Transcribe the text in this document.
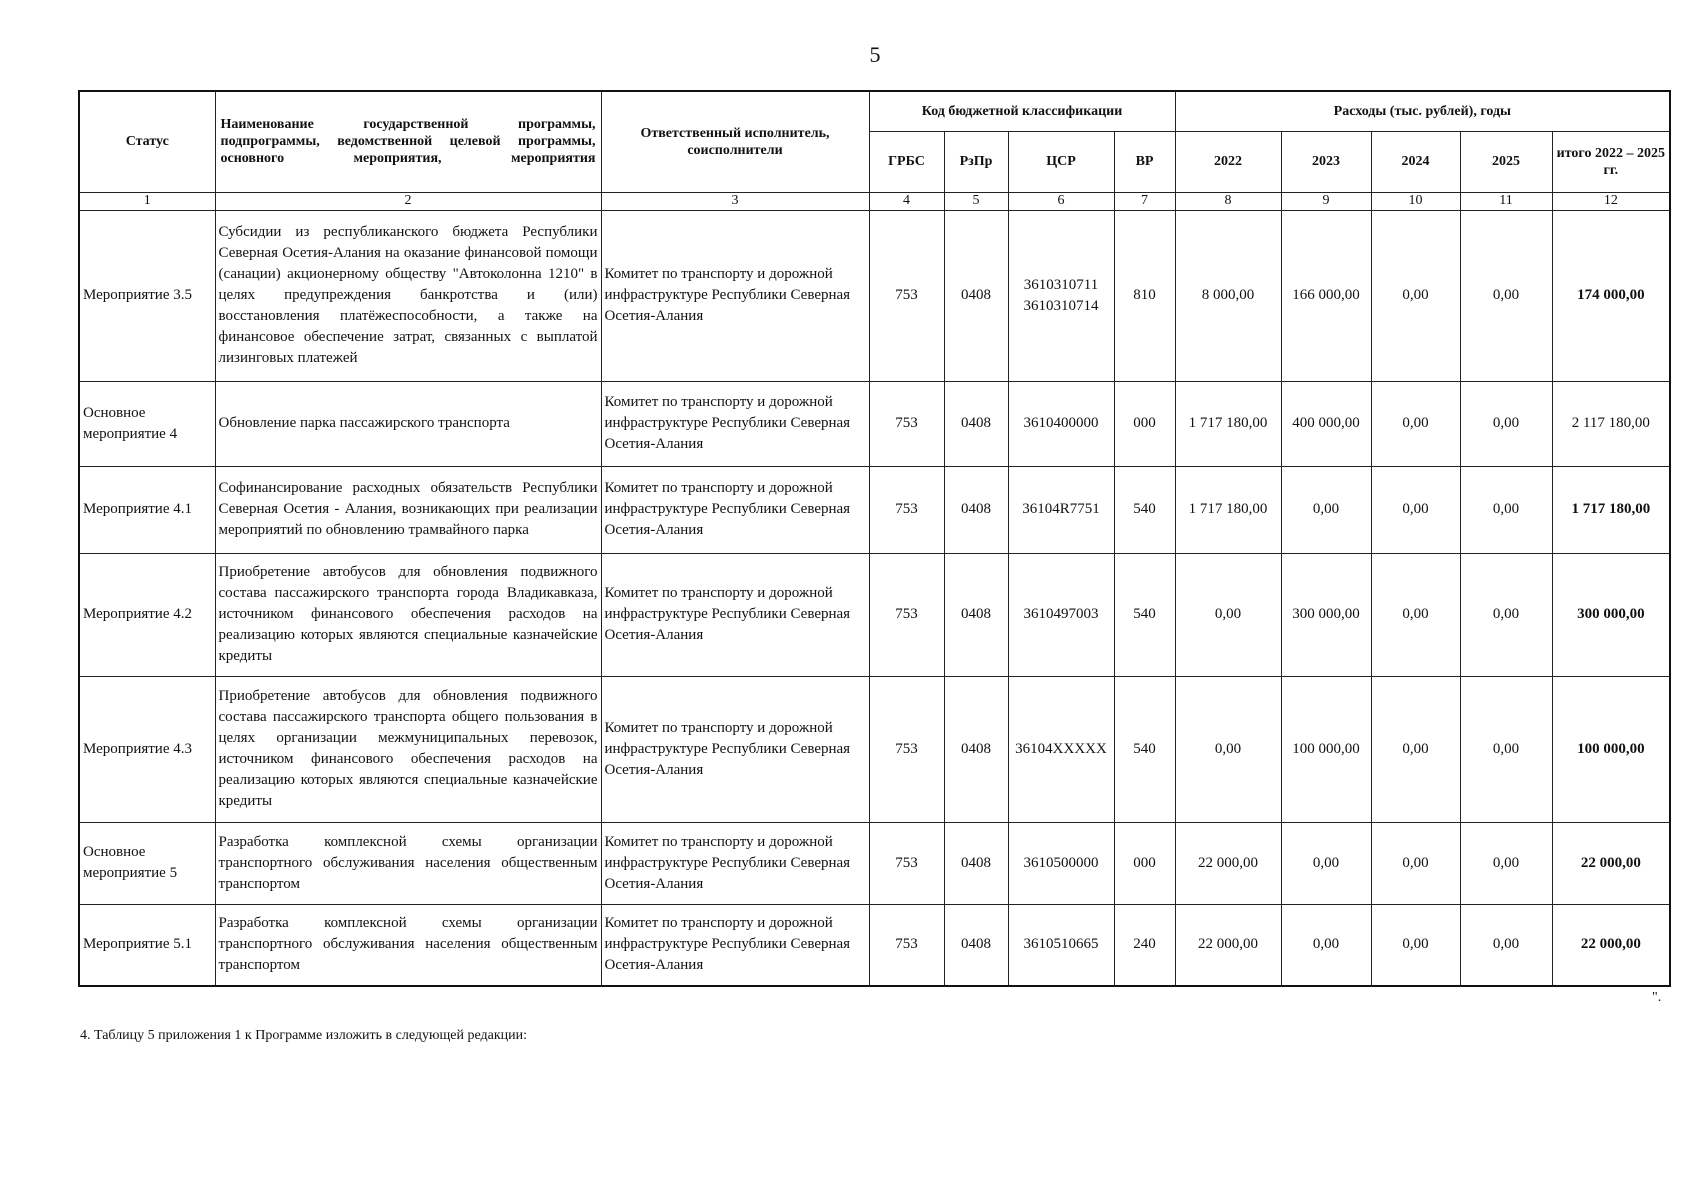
5
Статус	Наименование государственной программы, подпрограммы, ведомственной целевой программы, основного мероприятия, мероприятия	Ответственный исполнитель, соисполнители	Код бюджетной классификации				Расходы (тыс. рублей), годы				
			ГРБС	РзПр	ЦСР	ВР	2022	2023	2024	2025	итого 2022 – 2025 гг.
1	2	3	4	5	6	7	8	9	10	11	12
Мероприятие 3.5	Субсидии из республиканского бюджета Республики Северная Осетия-Алания на оказание финансовой помощи (санации) акционерному обществу "Автоколонна 1210" в целях предупреждения банкротства и (или) восстановления платёжеспособности, а также на финансовое обеспечение затрат, связанных с выплатой лизинговых платежей	Комитет по транспорту и дорожной инфраструктуре Республики Северная Осетия-Алания	753	0408	3610310711 3610310714	810	8 000,00	166 000,00	0,00	0,00	174 000,00
Основное мероприятие 4	Обновление парка пассажирского транспорта	Комитет по транспорту и дорожной инфраструктуре Республики Северная Осетия-Алания	753	0408	3610400000	000	1 717 180,00	400 000,00	0,00	0,00	2 117 180,00
Мероприятие 4.1	Софинансирование расходных обязательств Республики Северная Осетия - Алания, возникающих при реализации мероприятий по обновлению трамвайного парка	Комитет по транспорту и дорожной инфраструктуре Республики Северная Осетия-Алания	753	0408	36104R7751	540	1 717 180,00	0,00	0,00	0,00	1 717 180,00
Мероприятие 4.2	Приобретение автобусов для обновления подвижного состава пассажирского транспорта города Владикавказа, источником финансового обеспечения расходов на реализацию которых являются специальные казначейские кредиты	Комитет по транспорту и дорожной инфраструктуре Республики Северная Осетия-Алания	753	0408	3610497003	540	0,00	300 000,00	0,00	0,00	300 000,00
Мероприятие 4.3	Приобретение автобусов для обновления подвижного состава пассажирского транспорта общего пользования в целях организации межмуниципальных перевозок, источником финансового обеспечения расходов на реализацию которых являются специальные казначейские кредиты	Комитет по транспорту и дорожной инфраструктуре Республики Северная Осетия-Алания	753	0408	36104XXXXX	540	0,00	100 000,00	0,00	0,00	100 000,00
Основное мероприятие 5	Разработка комплексной схемы организации транспортного обслуживания населения общественным транспортом	Комитет по транспорту и дорожной инфраструктуре Республики Северная Осетия-Алания	753	0408	3610500000	000	22 000,00	0,00	0,00	0,00	22 000,00
Мероприятие 5.1	Разработка комплексной схемы организации транспортного обслуживания населения общественным транспортом	Комитет по транспорту и дорожной инфраструктуре Республики Северная Осетия-Алания	753	0408	3610510665	240	22 000,00	0,00	0,00	0,00	22 000,00
".
4. Таблицу 5 приложения 1 к Программе изложить в следующей редакции:
